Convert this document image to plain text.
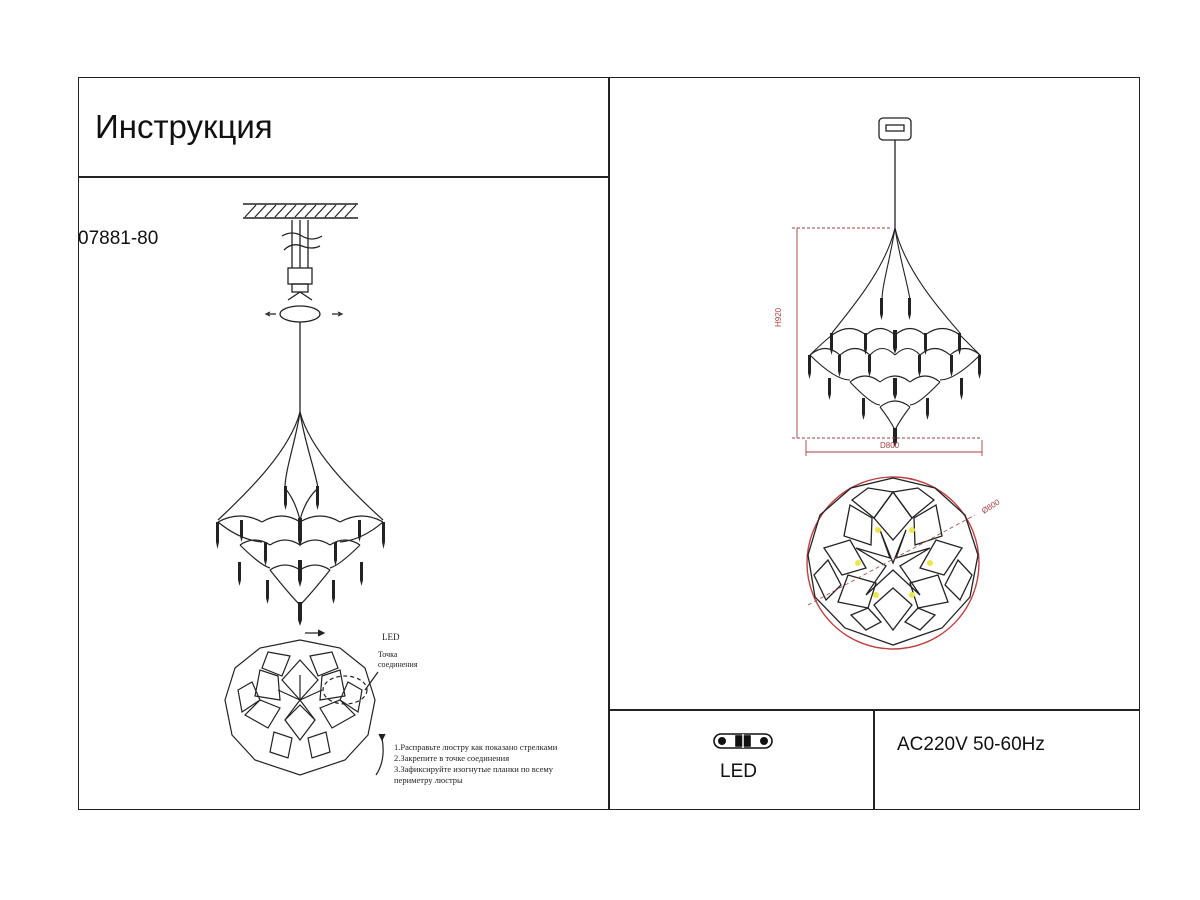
Инструкция
07881-80
LED
Точка
соединения
1.Расправьте люстру как показано стрелками
2.Закрепите в точке соединения
3.Зафиксируйте изогнутые планки по всему
периметру люстры
H920
D800
Ø800
LED
AC220V 50-60Hz
